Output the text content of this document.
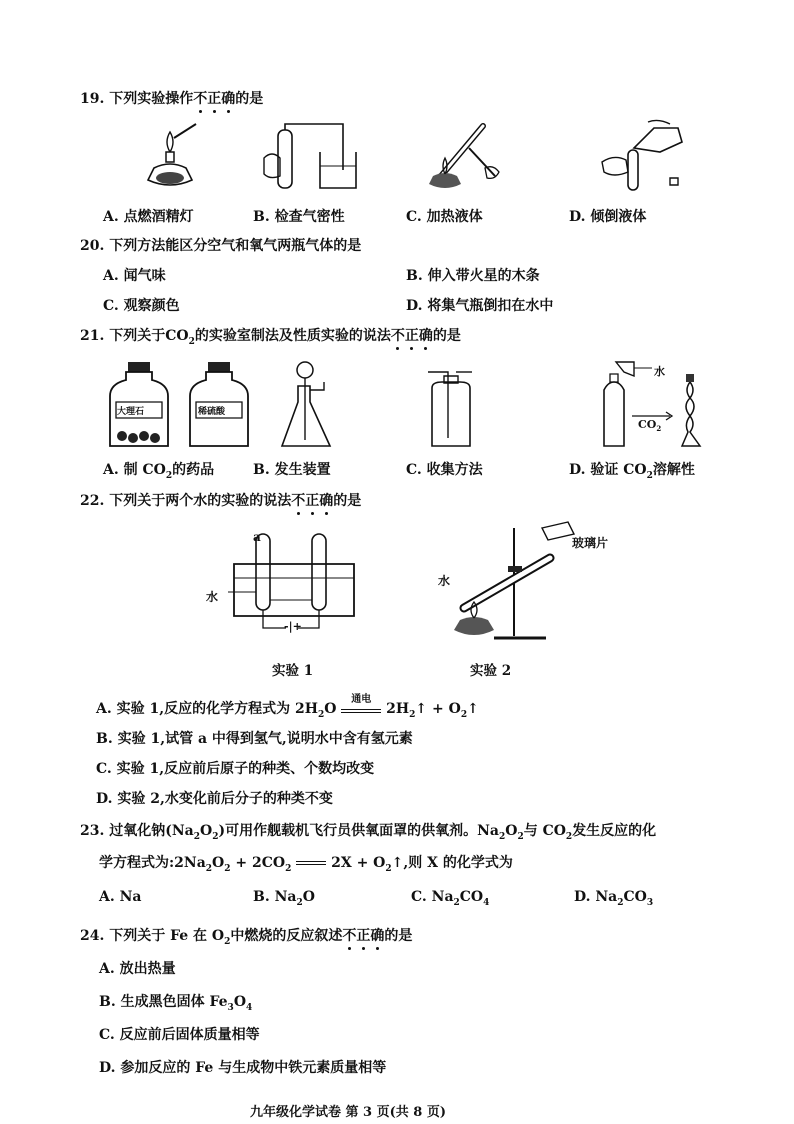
19. 下列实验操作不正确的是
A. 点燃酒精灯	B. 检查气密性	C. 加热液体	D. 倾倒液体
20. 下列方法能区分空气和氧气两瓶气体的是
A. 闻气味	B. 伸入带火星的木条
C. 观察颜色	D. 将集气瓶倒扣在水中
21. 下列关于$CO_2$的实验室制法及性质实验的说法不正确的是
大理石	稀硫酸
水
$CO_2$
A. 制 $CO_2$的药品	B. 发生装置	C. 收集方法	D. 验证 $CO_2$溶解性
22. 下列关于两个水的实验的说法不正确的是
a
水
-|+
水
玻璃片
实验 1	实验 2
A. 实验 1,反应的化学方程式为 $2H_2O$
通电
$2H_2↑$ + $O_2↑$
B. 实验 1,试管 a 中得到氢气,说明水中含有氢元素
C. 实验 1,反应前后原子的种类、个数均改变
D. 实验 2,水变化前后分子的种类不变
23. 过氧化钠$(Na_2O_2)$可用作舰载机飞行员供氧面罩的供氧剂。$Na_2O_2$与 $CO_2$发生反应的化
学方程式为$:2Na_2O_2 + 2CO_2$	$2X + O_2↑$,则 X 的化学式为
A. Na	B. $Na_2O$	C. $Na_2CO_4$	D. $Na_2CO_3$
24. 下列关于 Fe 在 $O_2$中燃烧的反应叙述不正确的是
A. 放出热量
B. 生成黑色固体 $Fe_3O_4$
C. 反应前后固体质量相等
D. 参加反应的 Fe 与生成物中铁元素质量相等
九年级化学试卷 第 3 页(共 8 页)
